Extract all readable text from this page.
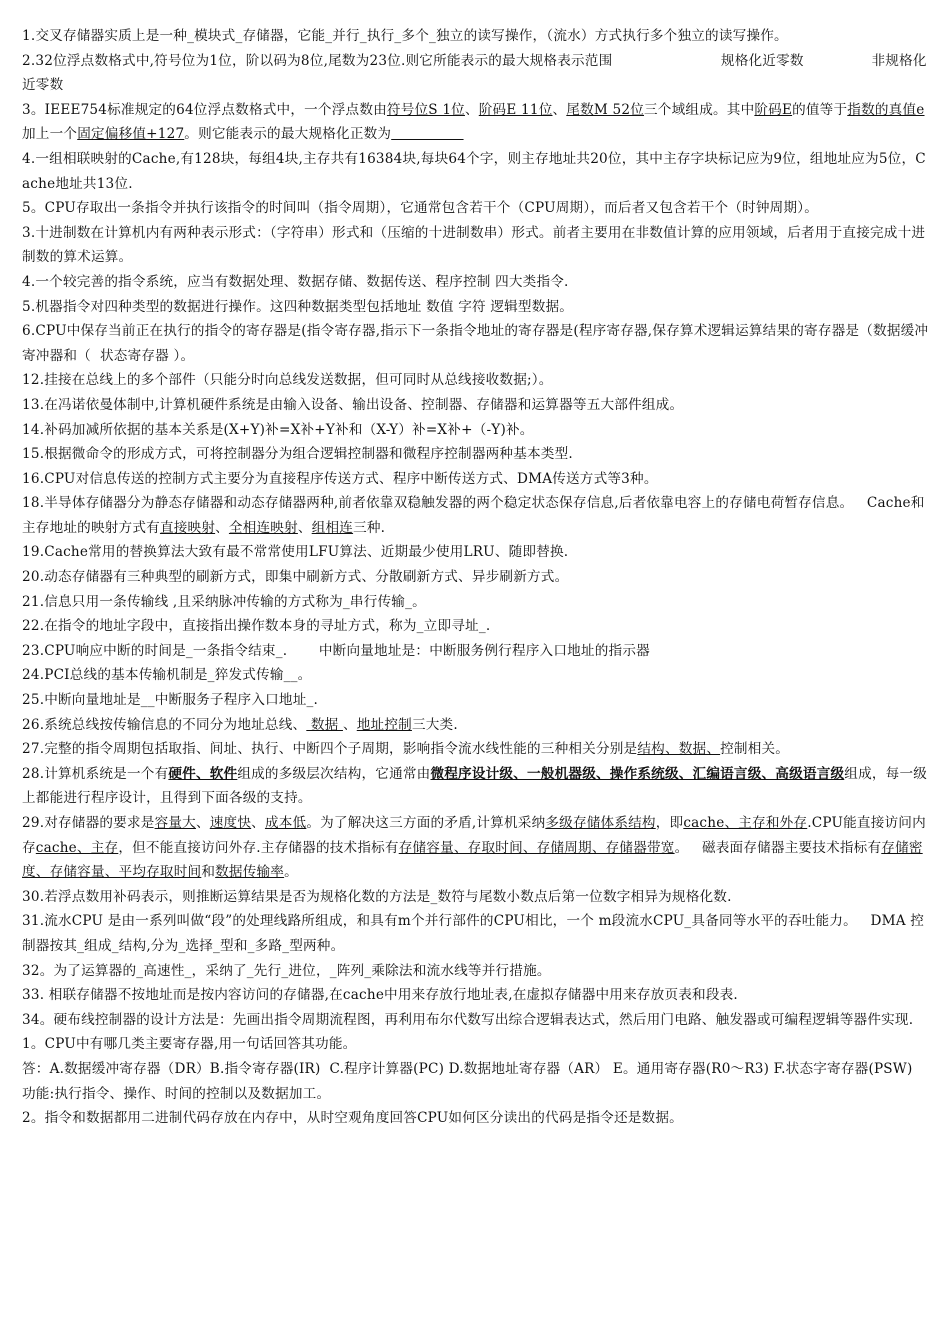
1.交叉存储器实质上是一种_模块式_存储器，它能_并行_执行_多个_独立的读写操作，（流水）方式执行多个独立的读写操作。

2.32位浮点数格式中,符号位为1位，阶以码为8位,尾数为23位.则它所能表示的最大规格表示范围                        规格化近零数               非规格化近零数

3。IEEE754标准规定的64位浮点数格式中，一个浮点数由符号位S 1位、阶码E 11位、尾数M 52位三个域组成。其中阶码E的值等于指数的真值e加上一个固定偏移值+127。则它能表示的最大规格化正数为

4.一组相联映射的Cache,有128块，每组4块,主存共有16384块,每块64个字，则主存地址共20位，其中主存字块标记应为9位，组地址应为5位，Cache地址共13位.

5。CPU存取出一条指令并执行该指令的时间叫（指令周期），它通常包含若干个（CPU周期），而后者又包含若干个（时钟周期）。

3.十进制数在计算机内有两种表示形式：（字符串）形式和（压缩的十进制数串）形式。前者主要用在非数值计算的应用领域，后者用于直接完成十进制数的算术运算。

4.一个较完善的指令系统，应当有数据处理、数据存储、数据传送、程序控制 四大类指令.

5.机器指令对四种类型的数据进行操作。这四种数据类型包括地址 数值 字符 逻辑型数据。

6.CPU中保存当前正在执行的指令的寄存器是(指令寄存器,指示下一条指令地址的寄存器是(程序寄存器,保存算术逻辑运算结果的寄存器是（数据缓冲寄冲器和（  状态寄存器 ）。

12.挂接在总线上的多个部件（只能分时向总线发送数据，但可同时从总线接收数据;）。

13.在冯诺依曼体制中,计算机硬件系统是由输入设备、输出设备、控制器、存储器和运算器等五大部件组成。

14.补码加减所依据的基本关系是(X+Y)补=X补+Y补和（X-Y）补=X补+（-Y)补。

15.根据微命令的形成方式，可将控制器分为组合逻辑控制器和微程序控制器两种基本类型.

16.CPU对信息传送的控制方式主要分为直接程序传送方式、程序中断传送方式、DMA传送方式等3种。

18.半导体存储器分为静态存储器和动态存储器两种,前者依靠双稳触发器的两个稳定状态保存信息,后者依靠电容上的存储电荷暂存信息。   Cache和主存地址的映射方式有直接映射、全相连映射、组相连三种.

19.Cache常用的替换算法大致有最不常常使用LFU算法、近期最少使用LRU、随即替换.

20.动态存储器有三种典型的刷新方式，即集中刷新方式、分散刷新方式、异步刷新方式。

21.信息只用一条传输线 ,且采纳脉冲传输的方式称为_串行传输_。

22.在指令的地址字段中，直接指出操作数本身的寻址方式，称为_立即寻址_.

23.CPU响应中断的时间是_一条指令结束_.       中断向量地址是：中断服务例行程序入口地址的指示器

24.PCI总线的基本传输机制是_猝发式传输__。

25.中断向量地址是__中断服务子程序入口地址_.

26.系统总线按传输信息的不同分为地址总线、 数据 、地址控制三大类.

27.完整的指令周期包括取指、间址、执行、中断四个子周期，影响指令流水线性能的三种相关分别是结构、数据、控制相关。

28.计算机系统是一个有硬件、软件组成的多级层次结构，它通常由微程序设计级、一般机器级、操作系统级、汇编语言级、高级语言级组成，每一级上都能进行程序设计，且得到下面各级的支持。

29.对存储器的要求是容量大、速度快、成本低。为了解决这三方面的矛盾,计算机采纳多级存储体系结构，即cache、主存和外存.CPU能直接访问内存cache、主存，但不能直接访问外存.主存储器的技术指标有存储容量、存取时间、存储周期、存储器带宽。   磁表面存储器主要技术指标有存储密度、存储容量、平均存取时间和数据传输率。

30.若浮点数用补码表示，则推断运算结果是否为规格化数的方法是_数符与尾数小数点后第一位数字相异为规格化数.

31.流水CPU 是由一系列叫做“段”的处理线路所组成，和具有m个并行部件的CPU相比，一个 m段流水CPU_具备同等水平的吞吐能力。   DMA 控制器按其_组成_结构,分为_选择_型和_多路_型两种。

32。为了运算器的_高速性_，采纳了_先行_进位，_阵列_乘除法和流水线等并行措施。

33. 相联存储器不按地址而是按内容访问的存储器,在cache中用来存放行地址表,在虚拟存储器中用来存放页表和段表.

34。硬布线控制器的设计方法是：先画出指令周期流程图，再利用布尔代数写出综合逻辑表达式，然后用门电路、触发器或可编程逻辑等器件实现.

1。CPU中有哪几类主要寄存器,用一句话回答其功能。

答：A.数据缓冲寄存器（DR）B.指令寄存器(IR)  C.程序计算器(PC) D.数据地址寄存器（AR） E。通用寄存器(R0～R3) F.状态字寄存器(PSW)

功能:执行指令、操作、时间的控制以及数据加工。

2。指令和数据都用二进制代码存放在内存中，从时空观角度回答CPU如何区分读出的代码是指令还是数据。
